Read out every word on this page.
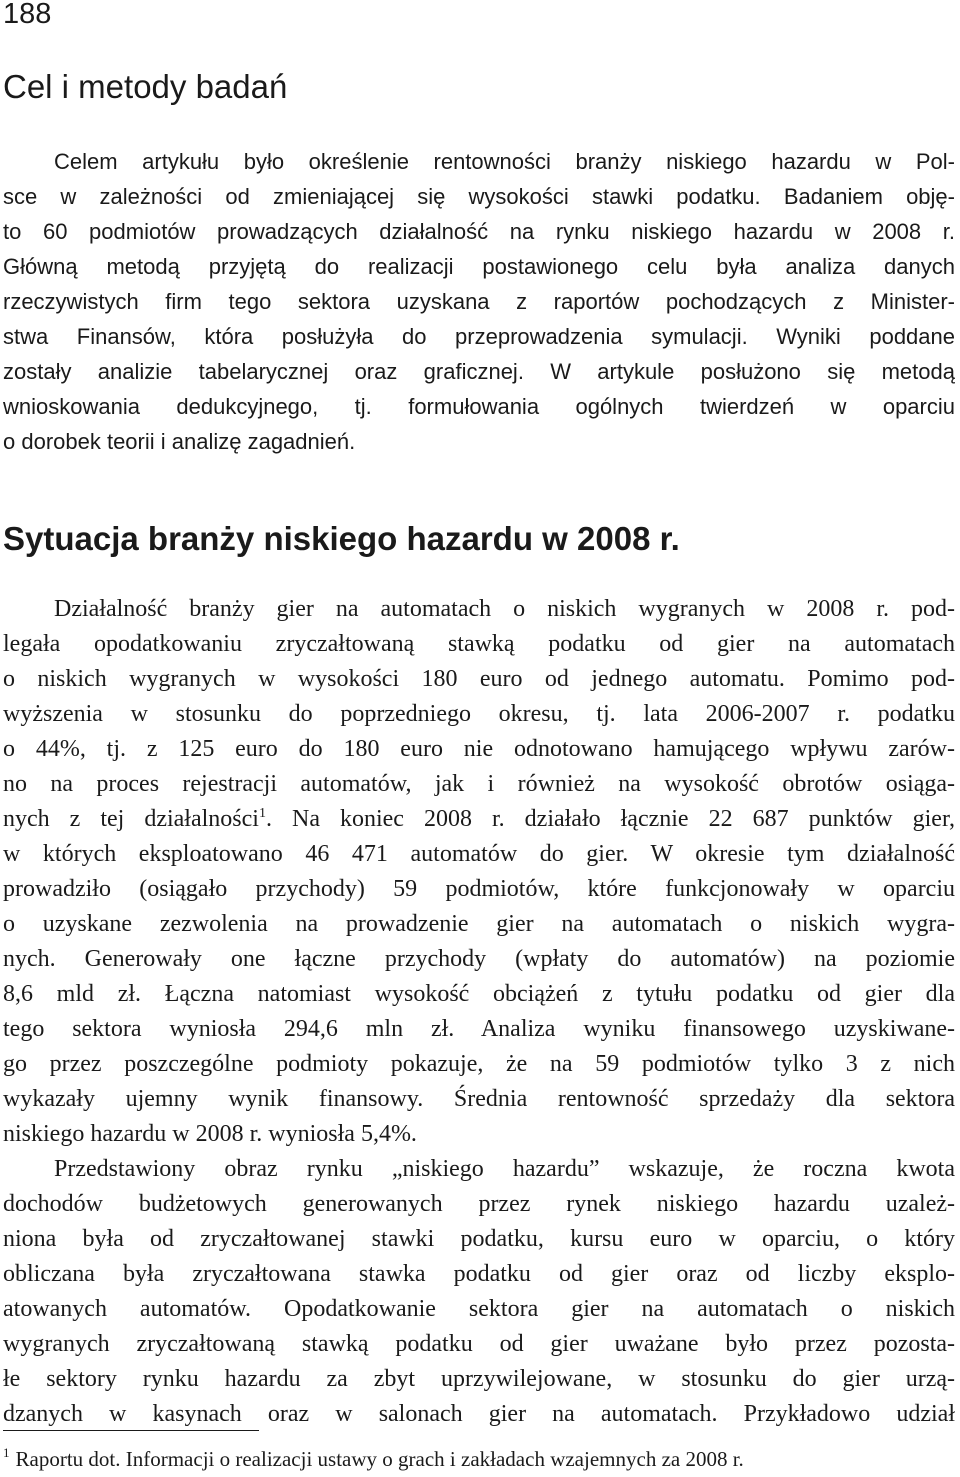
188
Cel i metody badań
Celem artykułu było określenie rentowności branży niskiego hazardu w Pol-
sce w zależności od zmieniającej się wysokości stawki podatku. Badaniem obję-
to 60 podmiotów prowadzących działalność na rynku niskiego hazardu w 2008 r.
Główną metodą przyjętą do realizacji postawionego celu była analiza danych
rzeczywistych firm tego sektora uzyskana z raportów pochodzących z Minister-
stwa Finansów, która posłużyła do przeprowadzenia symulacji. Wyniki poddane
zostały analizie tabelarycznej oraz graficznej. W artykule posłużono się metodą
wnioskowania dedukcyjnego, tj. formułowania ogólnych twierdzeń w oparciu
o dorobek teorii i analizę zagadnień.
Sytuacja branży niskiego hazardu w 2008 r.
Działalność branży gier na automatach o niskich wygranych w 2008 r. pod-
legała opodatkowaniu zryczałtowaną stawką podatku od gier na automatach
o niskich wygranych w wysokości 180 euro od jednego automatu. Pomimo pod-
wyższenia w stosunku do poprzedniego okresu, tj. lata 2006-2007 r. podatku
o 44%, tj. z 125 euro do 180 euro nie odnotowano hamującego wpływu zarów-
no na proces rejestracji automatów, jak i również na wysokość obrotów osiąga-
nych z tej działalności$^1$. Na koniec 2008 r. działało łącznie 22 687 punktów gier,
w których eksploatowano 46 471 automatów do gier. W okresie tym działalność
prowadziło (osiągało przychody) 59 podmiotów, które funkcjonowały w oparciu
o uzyskane zezwolenia na prowadzenie gier na automatach o niskich wygra-
nych. Generowały one łączne przychody (wpłaty do automatów) na poziomie
8,6 mld zł. Łączna natomiast wysokość obciążeń z tytułu podatku od gier dla
tego sektora wyniosła 294,6 mln zł. Analiza wyniku finansowego uzyskiwane-
go przez poszczególne podmioty pokazuje, że na 59 podmiotów tylko 3 z nich
wykazały ujemny wynik finansowy. Średnia rentowność sprzedaży dla sektora
niskiego hazardu w 2008 r. wyniosła 5,4%.
Przedstawiony obraz rynku „niskiego hazardu” wskazuje, że roczna kwota
dochodów budżetowych generowanych przez rynek niskiego hazardu uzależ-
niona była od zryczałtowanej stawki podatku, kursu euro w oparciu, o który
obliczana była zryczałtowana stawka podatku od gier oraz od liczby eksplo-
atowanych automatów. Opodatkowanie sektora gier na automatach o niskich
wygranych zryczałtowaną stawką podatku od gier uważane było przez pozosta-
łe sektory rynku hazardu za zbyt uprzywilejowane, w stosunku do gier urzą-
dzanych w kasynach oraz w salonach gier na automatach. Przykładowo udział
$^1$ Raportu dot. Informacji o realizacji ustawy o grach i zakładach wzajemnych za 2008 r.
